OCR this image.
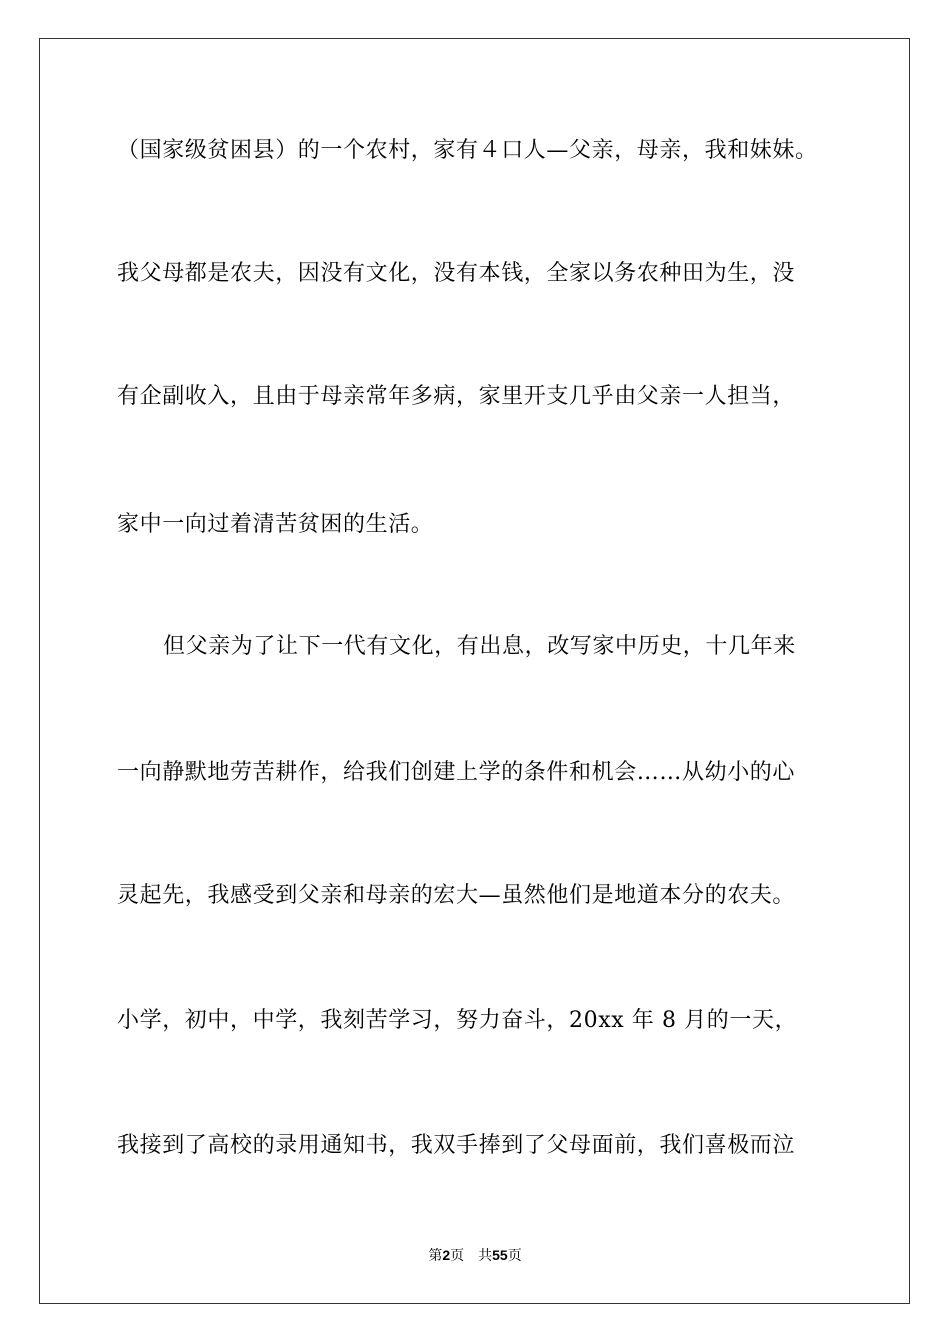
（国家级贫困县）的一个农村，家有４口人—父亲，母亲，我和妹妹。
我父母都是农夫，因没有文化，没有本钱，全家以务农种田为生，没
有企副收入，且由于母亲常年多病，家里开支几乎由父亲一人担当，
家中一向过着清苦贫困的生活。
但父亲为了让下一代有文化，有出息，改写家中历史，十几年来
一向静默地劳苦耕作，给我们创建上学的条件和机会……从幼小的心
灵起先，我感受到父亲和母亲的宏大—虽然他们是地道本分的农夫。
小学，初中，中学，我刻苦学习，努力奋斗，20xx 年 8 月的一天，
我接到了高校的录用通知书，我双手捧到了父母面前，我们喜极而泣
第2页 共55页
